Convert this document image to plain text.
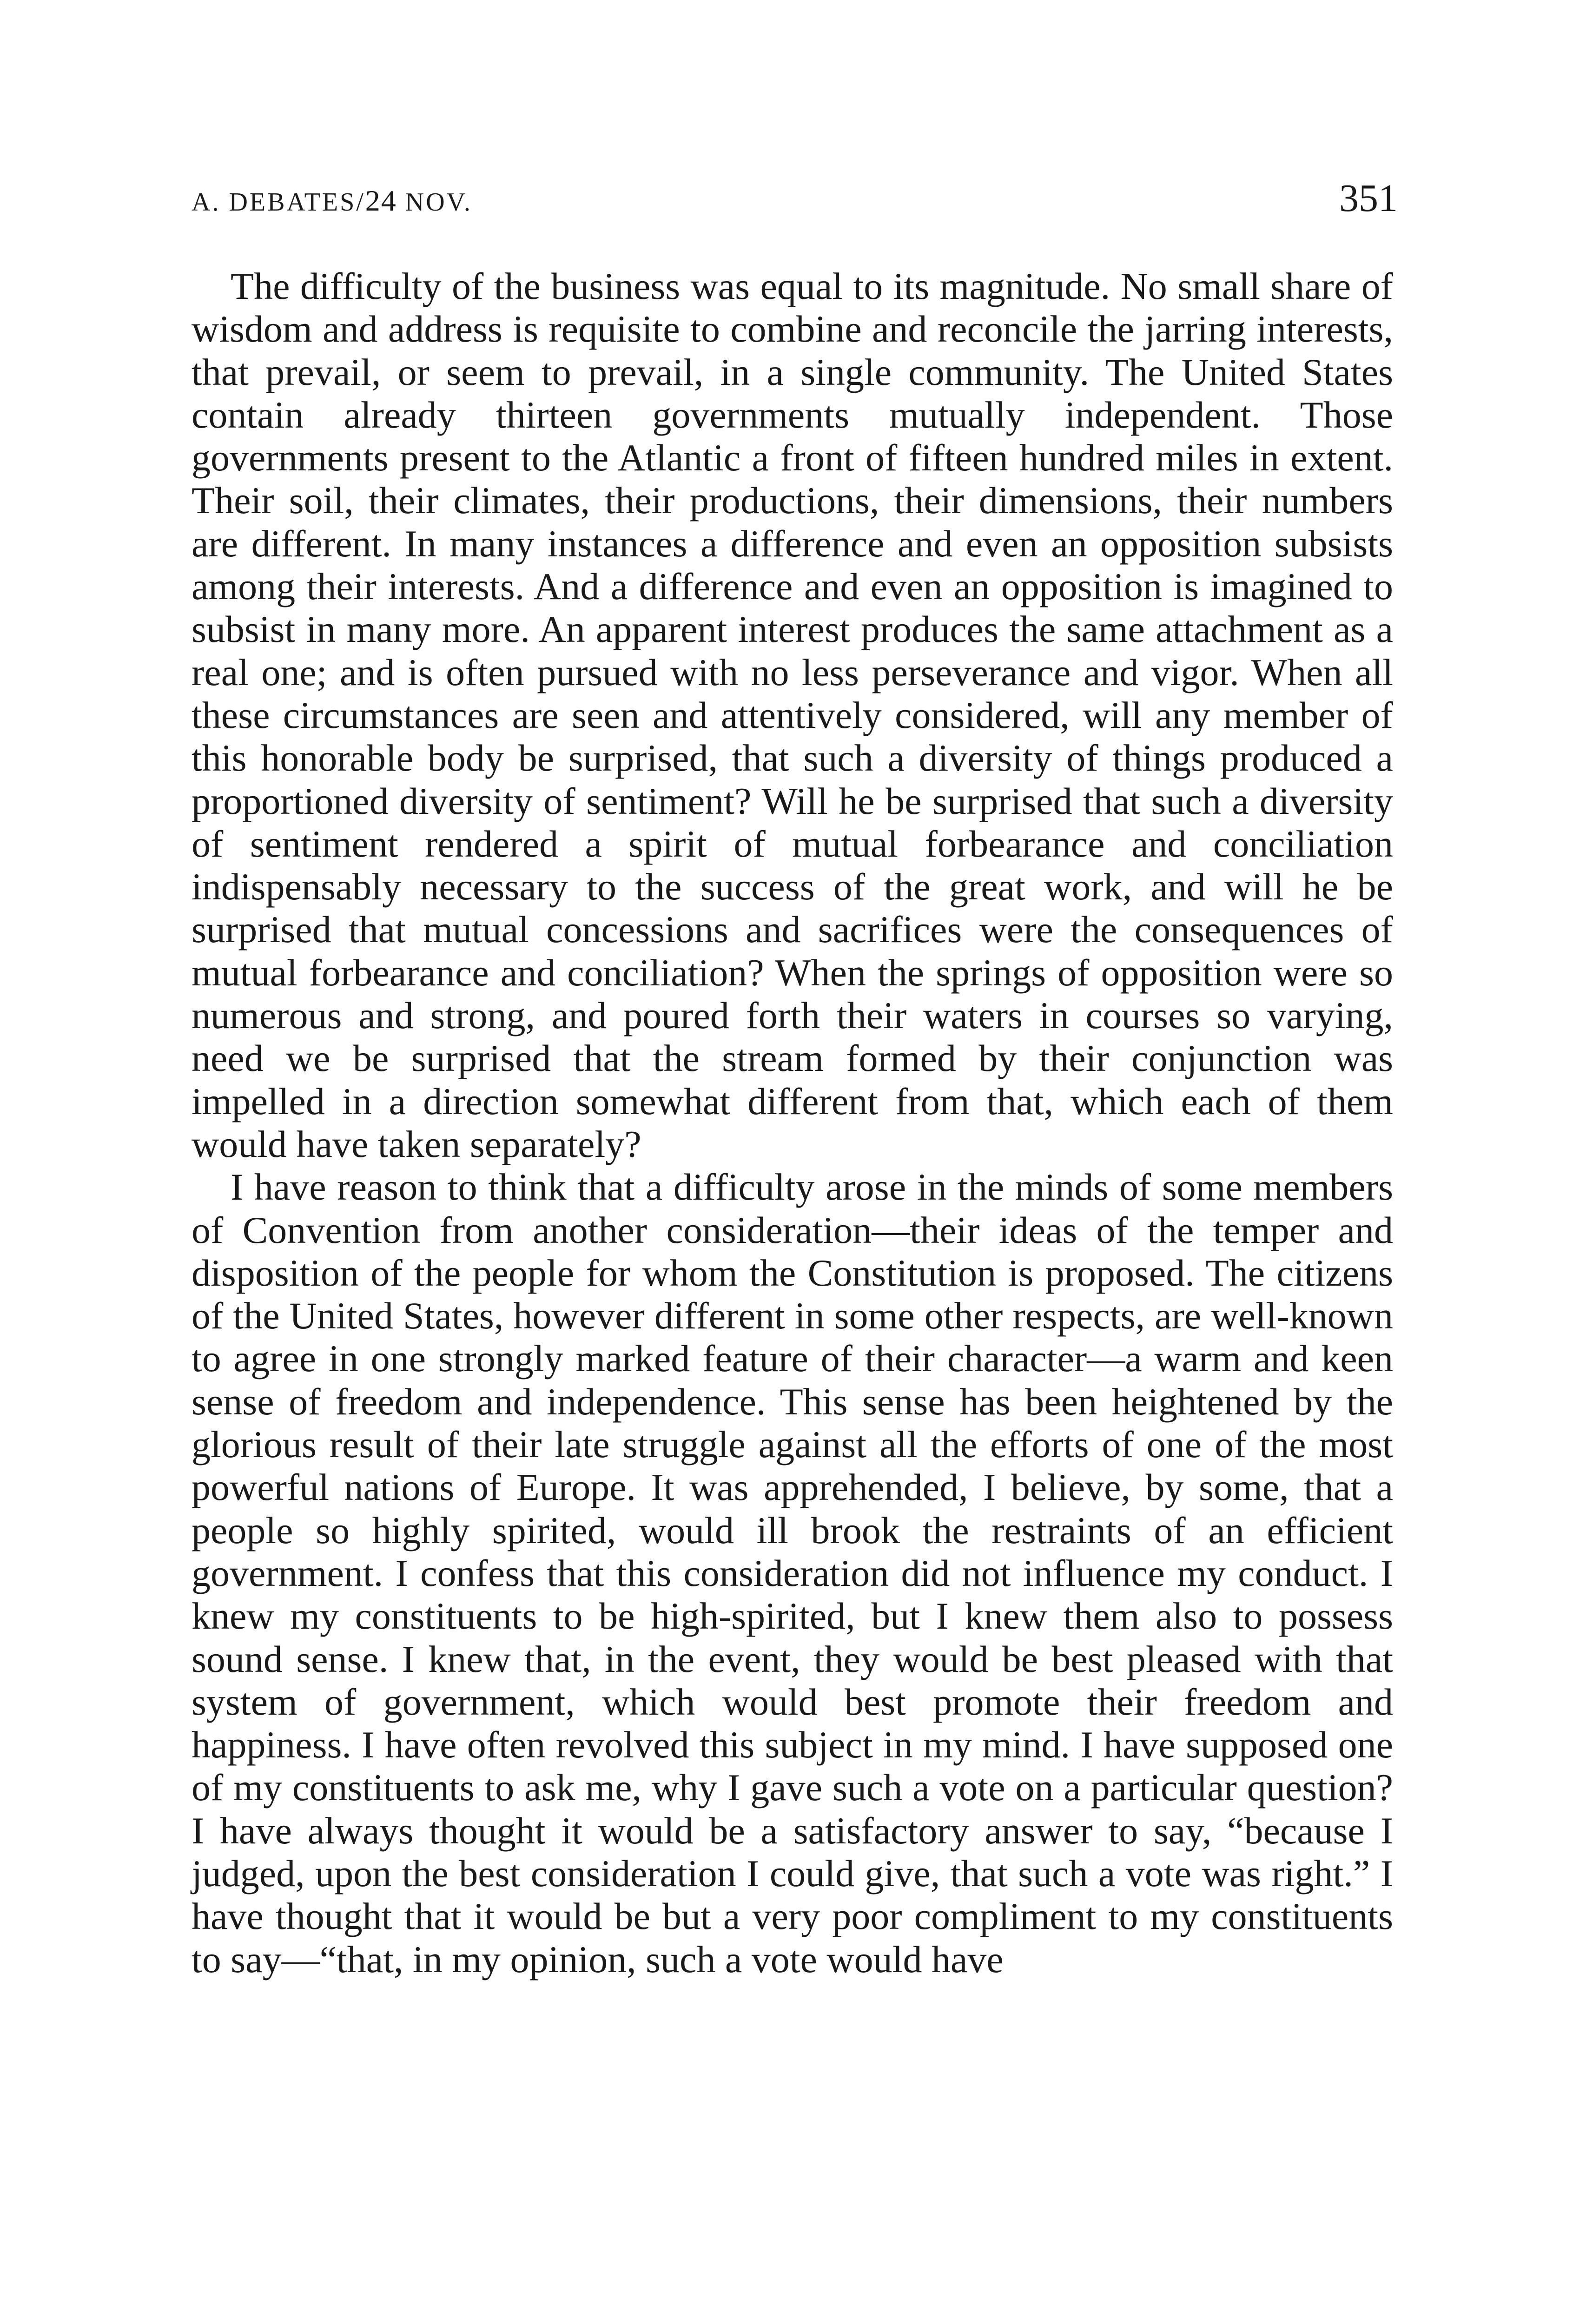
A. DEBATES/24 NOV.	351

The difficulty of the business was equal to its magnitude. No small share of wisdom and address is requisite to combine and reconcile the jarring interests, that prevail, or seem to prevail, in a single community. The United States contain already thirteen governments mutually independent. Those governments present to the Atlantic a front of fifteen hundred miles in extent. Their soil, their climates, their productions, their dimensions, their numbers are different. In many instances a difference and even an opposition subsists among their interests. And a difference and even an opposition is imagined to subsist in many more. An apparent interest produces the same attachment as a real one; and is often pursued with no less perseverance and vigor. When all these circumstances are seen and attentively considered, will any member of this honorable body be surprised, that such a diversity of things produced a proportioned diversity of sentiment? Will he be surprised that such a diversity of sentiment rendered a spirit of mutual forbearance and conciliation indispensably necessary to the success of the great work, and will he be surprised that mutual concessions and sacrifices were the consequences of mutual forbearance and conciliation? When the springs of opposition were so numerous and strong, and poured forth their waters in courses so varying, need we be surprised that the stream formed by their conjunction was impelled in a direction somewhat different from that, which each of them would have taken separately?

I have reason to think that a difficulty arose in the minds of some members of Convention from another consideration—their ideas of the temper and disposition of the people for whom the Constitution is proposed. The citizens of the United States, however different in some other respects, are well-known to agree in one strongly marked feature of their character—a warm and keen sense of freedom and independence. This sense has been heightened by the glorious result of their late struggle against all the efforts of one of the most powerful nations of Europe. It was apprehended, I believe, by some, that a people so highly spirited, would ill brook the restraints of an efficient government. I confess that this consideration did not influence my conduct. I knew my constituents to be high-spirited, but I knew them also to possess sound sense. I knew that, in the event, they would be best pleased with that system of government, which would best promote their freedom and happiness. I have often revolved this subject in my mind. I have supposed one of my constituents to ask me, why I gave such a vote on a particular question? I have always thought it would be a satisfactory answer to say, “because I judged, upon the best consideration I could give, that such a vote was right.” I have thought that it would be but a very poor compliment to my constituents to say—“that, in my opinion, such a vote would have
